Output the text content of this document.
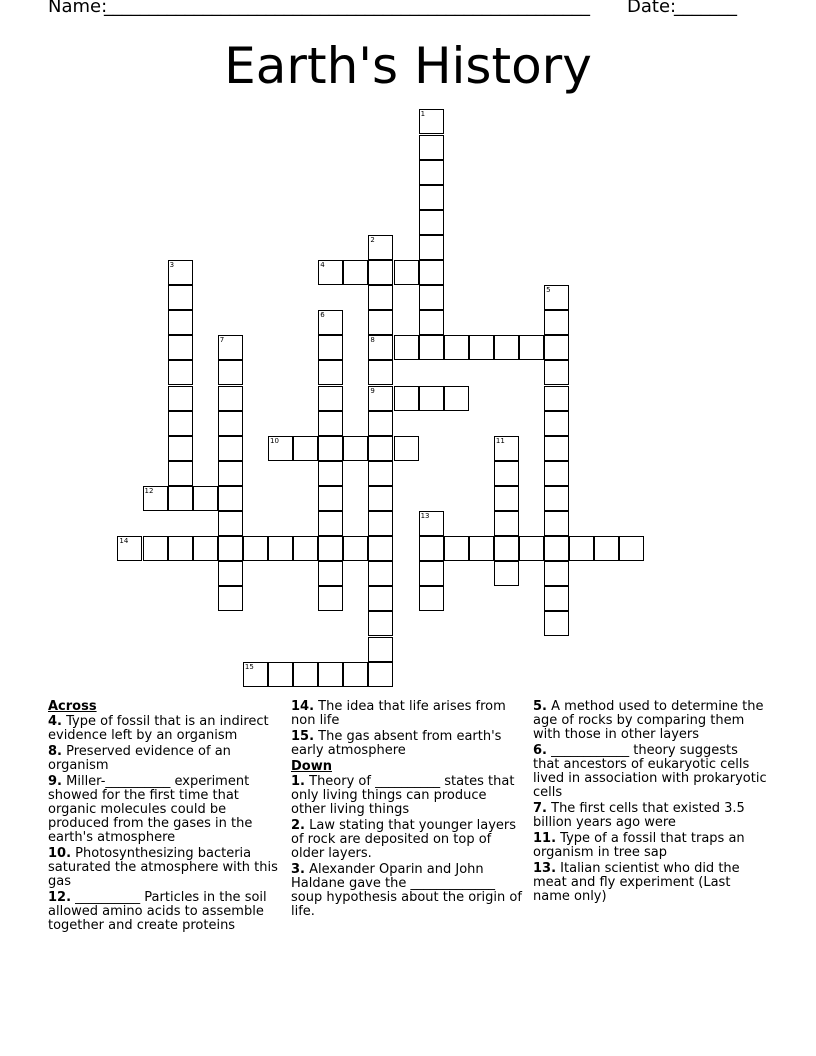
Name:
______________________________________________________ Date:
_______
Earth's History
1
2
3	4
5
6
7	8
9
10	11
12
13
14
15
Across
4. Type of fossil that is an indirect evidence left by an organism
8. Preserved evidence of an organism
9. Miller-__________ experiment showed for the first time that organic molecules could be produced from the gases in the earth's atmosphere
10. Photosynthesizing bacteria saturated the atmosphere with this gas
12. __________ Particles in the soil allowed amino acids to assemble together and create proteins
14. The idea that life arises from non life
15. The gas absent from earth's early atmosphere
Down
1. Theory of __________ states that only living things can produce other living things
2. Law stating that younger layers of rock are deposited on top of older layers.
3. Alexander Oparin and John Haldane gave the _____________ soup hypothesis about the origin of life.
5. A method used to determine the age of rocks by comparing them with those in other layers
6. ____________ theory suggests that ancestors of eukaryotic cells lived in association with prokaryotic cells
7. The first cells that existed 3.5 billion years ago were
11. Type of a fossil that traps an organism in tree sap
13. Italian scientist who did the meat and fly experiment (Last name only)
